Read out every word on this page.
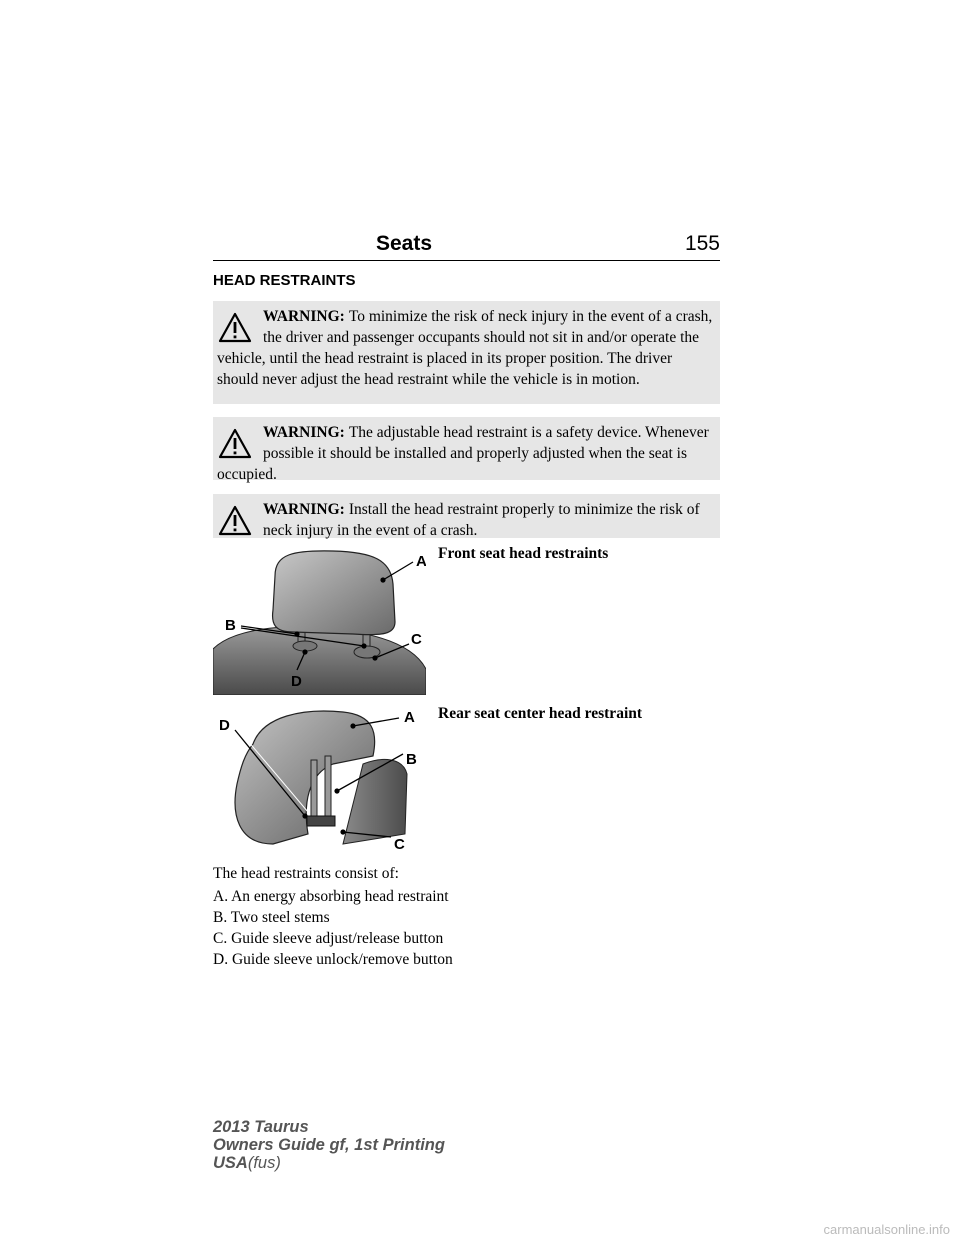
Seats	155
HEAD RESTRAINTS
WARNING: To minimize the risk of neck injury in the event of a crash, the driver and passenger occupants should not sit in and/or operate the vehicle, until the head restraint is placed in its proper position. The driver should never adjust the head restraint while the vehicle is in motion.
WARNING: The adjustable head restraint is a safety device. Whenever possible it should be installed and properly adjusted when the seat is occupied.
WARNING: Install the head restraint properly to minimize the risk of neck injury in the event of a crash.
A
B
C
D
Front seat head restraints
A
B
C
D
Rear seat center head restraint
The head restraints consist of:
A. An energy absorbing head restraint
B. Two steel stems
C. Guide sleeve adjust/release button
D. Guide sleeve unlock/remove button
2013 Taurus
Owners Guide gf, 1st Printing
USA(fus)
carmanualsonline.info
